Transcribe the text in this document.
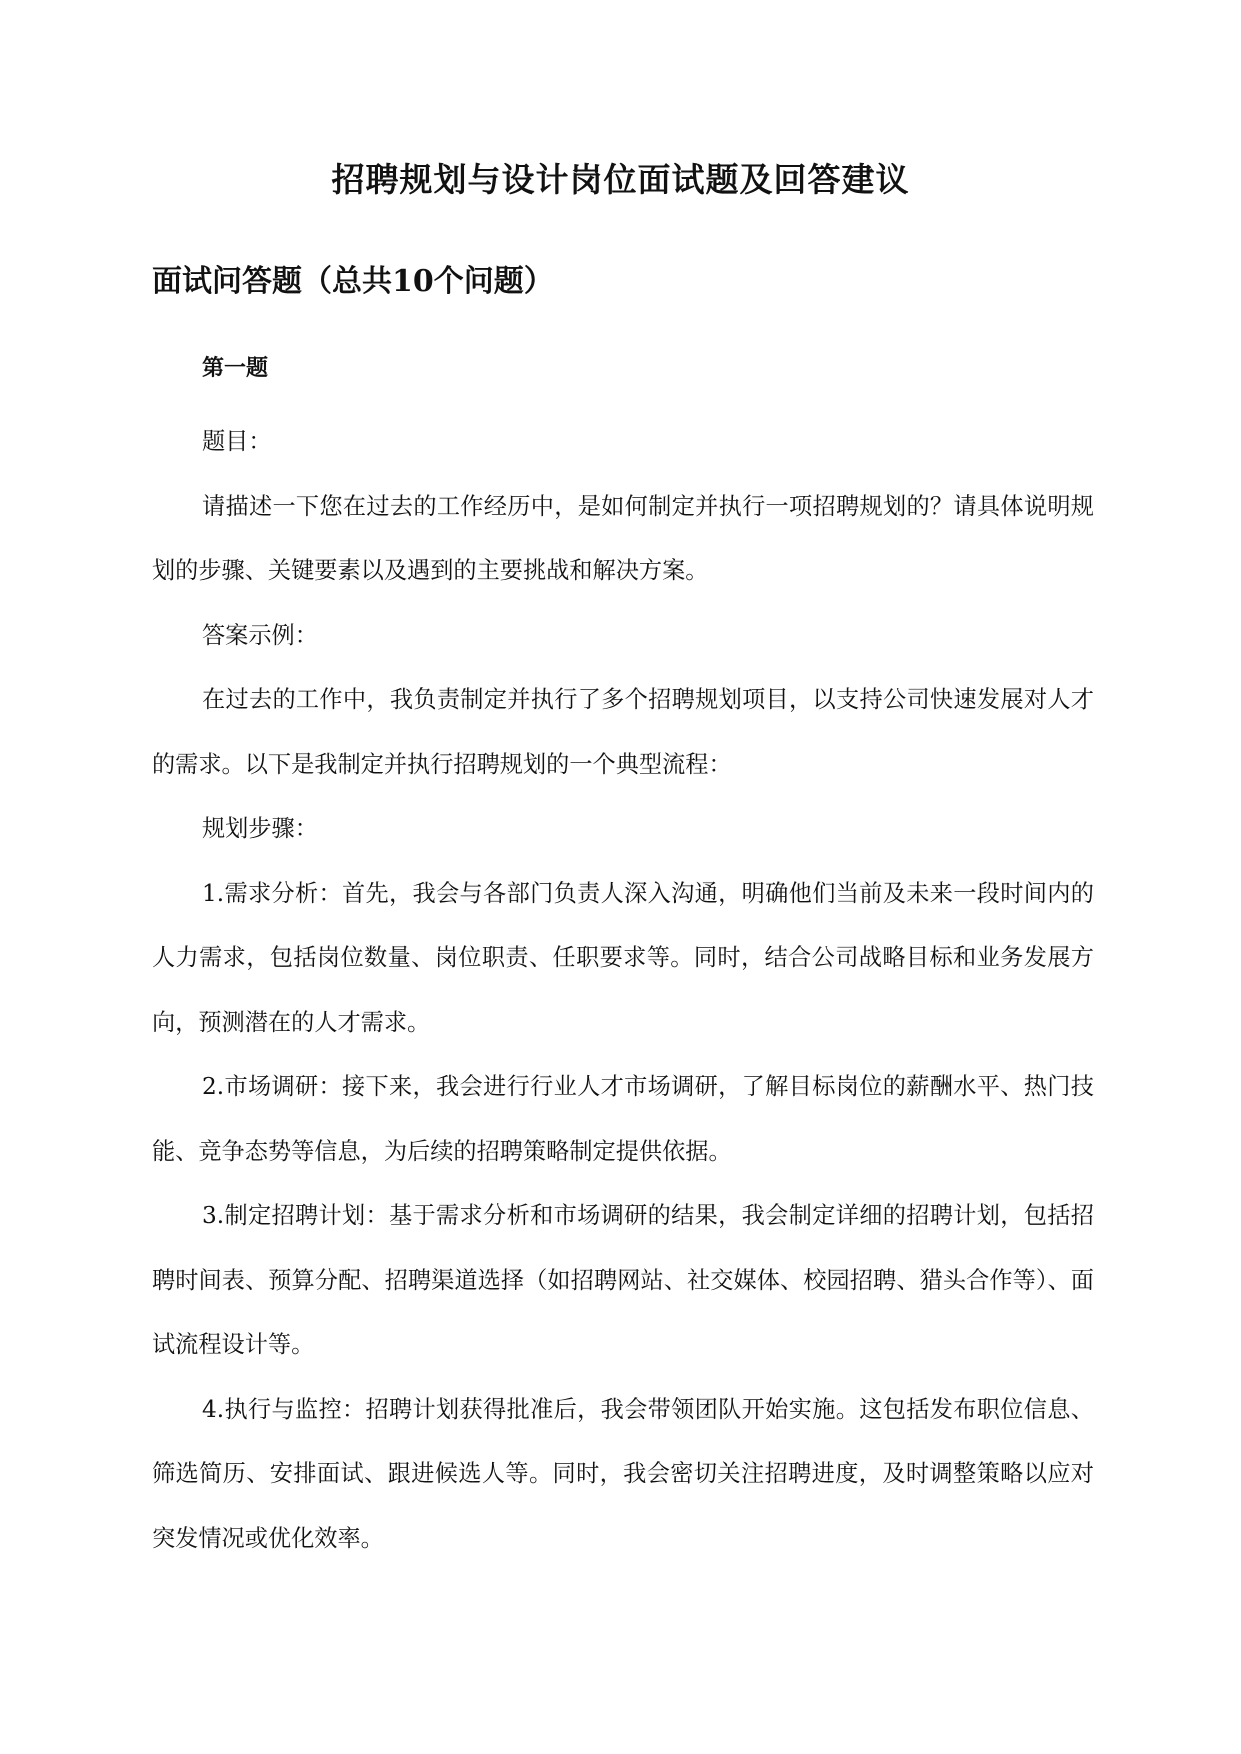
招聘规划与设计岗位面试题及回答建议
面试问答题（总共10个问题）
第一题

题目：

请描述一下您在过去的工作经历中，是如何制定并执行一项招聘规划的？请具体说明规划的步骤、关键要素以及遇到的主要挑战和解决方案。

答案示例：

在过去的工作中，我负责制定并执行了多个招聘规划项目，以支持公司快速发展对人才的需求。以下是我制定并执行招聘规划的一个典型流程：

规划步骤：

1.需求分析：首先，我会与各部门负责人深入沟通，明确他们当前及未来一段时间内的人力需求，包括岗位数量、岗位职责、任职要求等。同时，结合公司战略目标和业务发展方向，预测潜在的人才需求。

2.市场调研：接下来，我会进行行业人才市场调研，了解目标岗位的薪酬水平、热门技能、竞争态势等信息，为后续的招聘策略制定提供依据。

3.制定招聘计划：基于需求分析和市场调研的结果，我会制定详细的招聘计划，包括招聘时间表、预算分配、招聘渠道选择（如招聘网站、社交媒体、校园招聘、猎头合作等）、面试流程设计等。

4.执行与监控：招聘计划获得批准后，我会带领团队开始实施。这包括发布职位信息、筛选简历、安排面试、跟进候选人等。同时，我会密切关注招聘进度，及时调整策略以应对突发情况或优化效率。
